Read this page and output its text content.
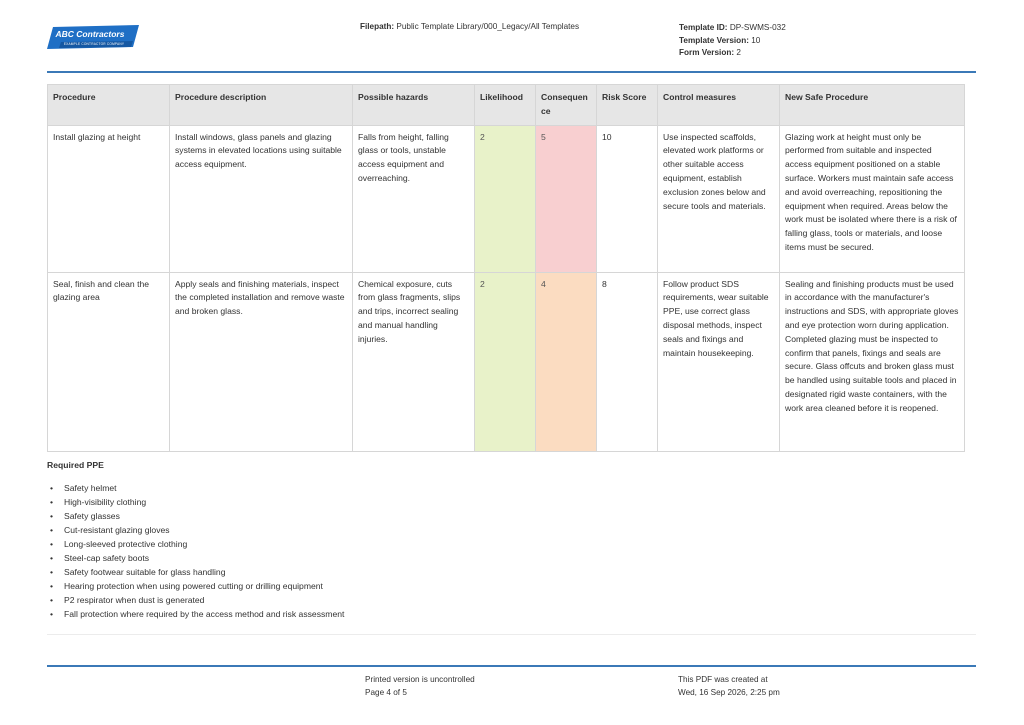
ABC Contractors
EXAMPLE CONTRACTOR COMPANY
Filepath: Public Template Library/000_Legacy/All Templates	Template ID: DP-SWMS-032
Template Version: 10
Form Version: 2
Procedure	Procedure description	Possible hazards	Likelihood	Consequen ce	Risk Score	Control measures	New Safe Procedure
Install glazing at height	Install windows, glass panels and glazing systems in elevated locations using suitable access equipment.	Falls from height, falling glass or tools, unstable access equipment and overreaching.	2	5	10	Use inspected scaffolds, elevated work platforms or other suitable access equipment, establish exclusion zones below and secure tools and materials.	Glazing work at height must only be performed from suitable and inspected access equipment positioned on a stable surface. Workers must maintain safe access and avoid overreaching, repositioning the equipment when required. Areas below the work must be isolated where there is a risk of falling glass, tools or materials, and loose items must be secured.
Seal, finish and clean the glazing area	Apply seals and finishing materials, inspect the completed installation and remove waste and broken glass.	Chemical exposure, cuts from glass fragments, slips and trips, incorrect sealing and manual handling injuries.	2	4	8	Follow product SDS requirements, wear suitable PPE, use correct glass disposal methods, inspect seals and fixings and maintain housekeeping.	Sealing and finishing products must be used in accordance with the manufacturer's instructions and SDS, with appropriate gloves and eye protection worn during application. Completed glazing must be inspected to confirm that panels, fixings and seals are secure. Glass offcuts and broken glass must be handled using suitable tools and placed in designated rigid waste containers, with the work area cleaned before it is reopened.
Required PPE
• Safety helmet
• High-visibility clothing
• Safety glasses
• Cut-resistant glazing gloves
• Long-sleeved protective clothing
• Steel-cap safety boots
• Safety footwear suitable for glass handling
• Hearing protection when using powered cutting or drilling equipment
• P2 respirator when dust is generated
• Fall protection where required by the access method and risk assessment
Printed version is uncontrolled
Page 4 of 5
This PDF was created at
Wed, 16 Sep 2026, 2:25 pm
